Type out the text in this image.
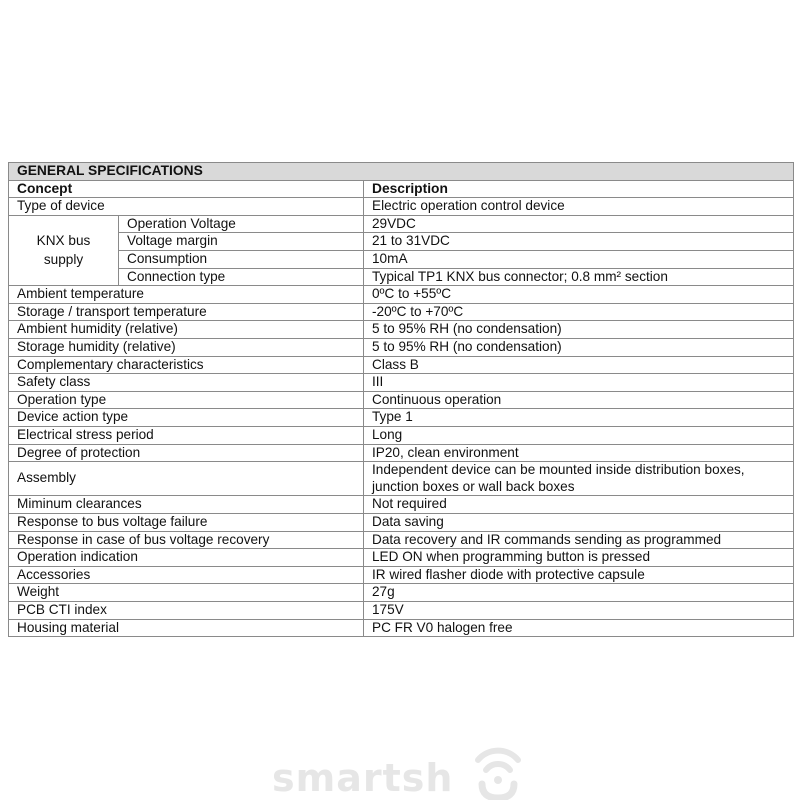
GENERAL SPECIFICATIONS		
Concept		Description
Type of device		Electric operation control device

KNX bus supply	Operation Voltage	29VDC
	Voltage margin	21 to 31VDC
	Consumption	10mA
	Connection type	Typical TP1 KNX bus connector; 0.8 mm² section
Ambient temperature		0ºC to +55ºC
Storage / transport temperature		-20ºC to +70ºC
Ambient humidity (relative)		5 to 95% RH (no condensation)
Storage humidity (relative)		5 to 95% RH (no condensation)
Complementary characteristics		Class B
Safety class		III
Operation type		Continuous operation
Device action type		Type 1
Electrical stress period		Long
Degree of protection		IP20, clean environment
Assembly		Independent device can be mounted inside distribution boxes,
junction boxes or wall back boxes

Miminum clearances		Not required
Response to bus voltage failure		Data saving
Response in case of bus voltage recovery		Data recovery and IR commands sending as programmed
Operation indication		LED ON when programming button is pressed
Accessories		IR wired flasher diode with protective capsule
Weight		27g
PCB CTI index		175V
Housing material		PC FR V0 halogen free
smartsh
